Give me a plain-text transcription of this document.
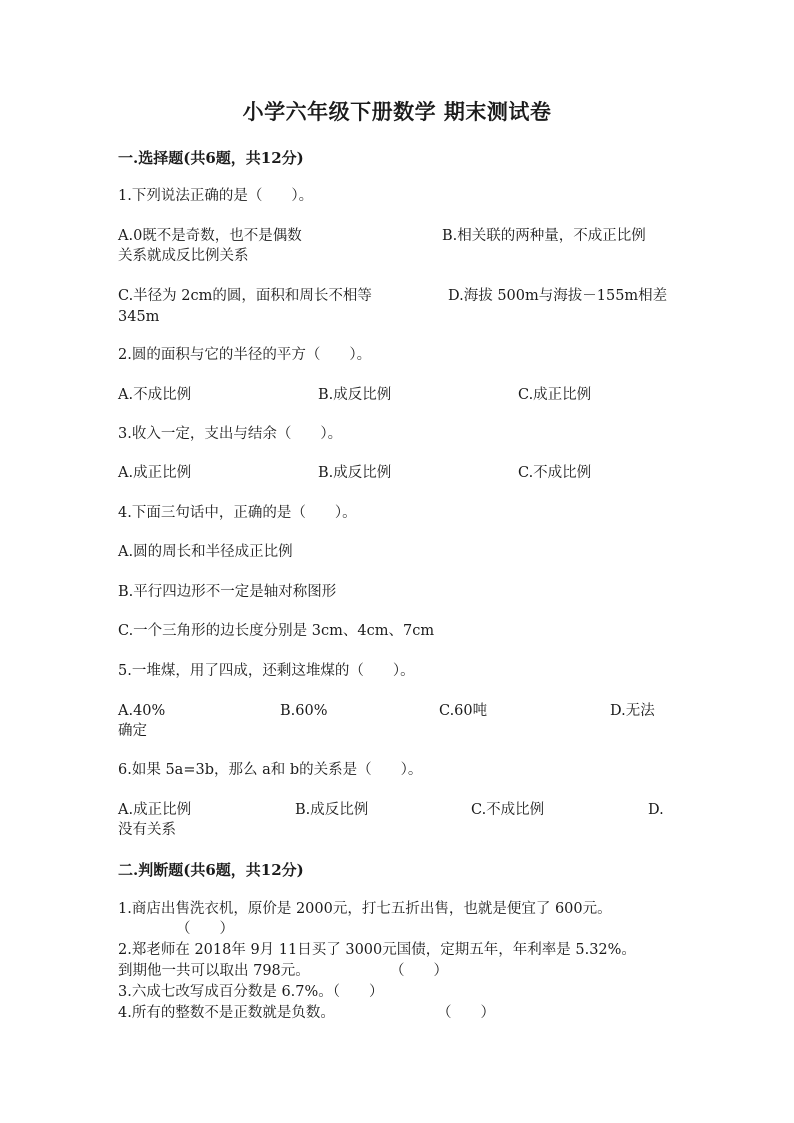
小学六年级下册数学 期末测试卷
一.选择题(共6题，共12分)
1.下列说法正确的是（　　）。
A.0既不是奇数，也不是偶数	B.相关联的两种量，不成正比例
关系就成反比例关系
C.半径为 2cm的圆，面积和周长不相等	D.海拔 500m与海拔－155m相差
345m
2.圆的面积与它的半径的平方（　　）。
A.不成比例	B.成反比例	C.成正比例
3.收入一定，支出与结余（　　）。
A.成正比例	B.成反比例	C.不成比例
4.下面三句话中，正确的是（　　）。
A.圆的周长和半径成正比例
B.平行四边形不一定是轴对称图形
C.一个三角形的边长度分别是 3cm、4cm、7cm
5.一堆煤，用了四成，还剩这堆煤的（　　）。
A.40%	B.60%	C.60吨	D.无法
确定
6.如果 5a=3b，那么 a和 b的关系是（　　）。
A.成正比例	B.成反比例	C.不成比例	D.
没有关系
二.判断题(共6题，共12分)
1.商店出售洗衣机，原价是 2000元，打七五折出售，也就是便宜了 600元。
（　　）
2.郑老师在 2018年 9月 11日买了 3000元国债，定期五年，年利率是 5.32%。
到期他一共可以取出 798元。	（　　）
3.六成七改写成百分数是 6.7%。（　　）
4.所有的整数不是正数就是负数。	（　　）
